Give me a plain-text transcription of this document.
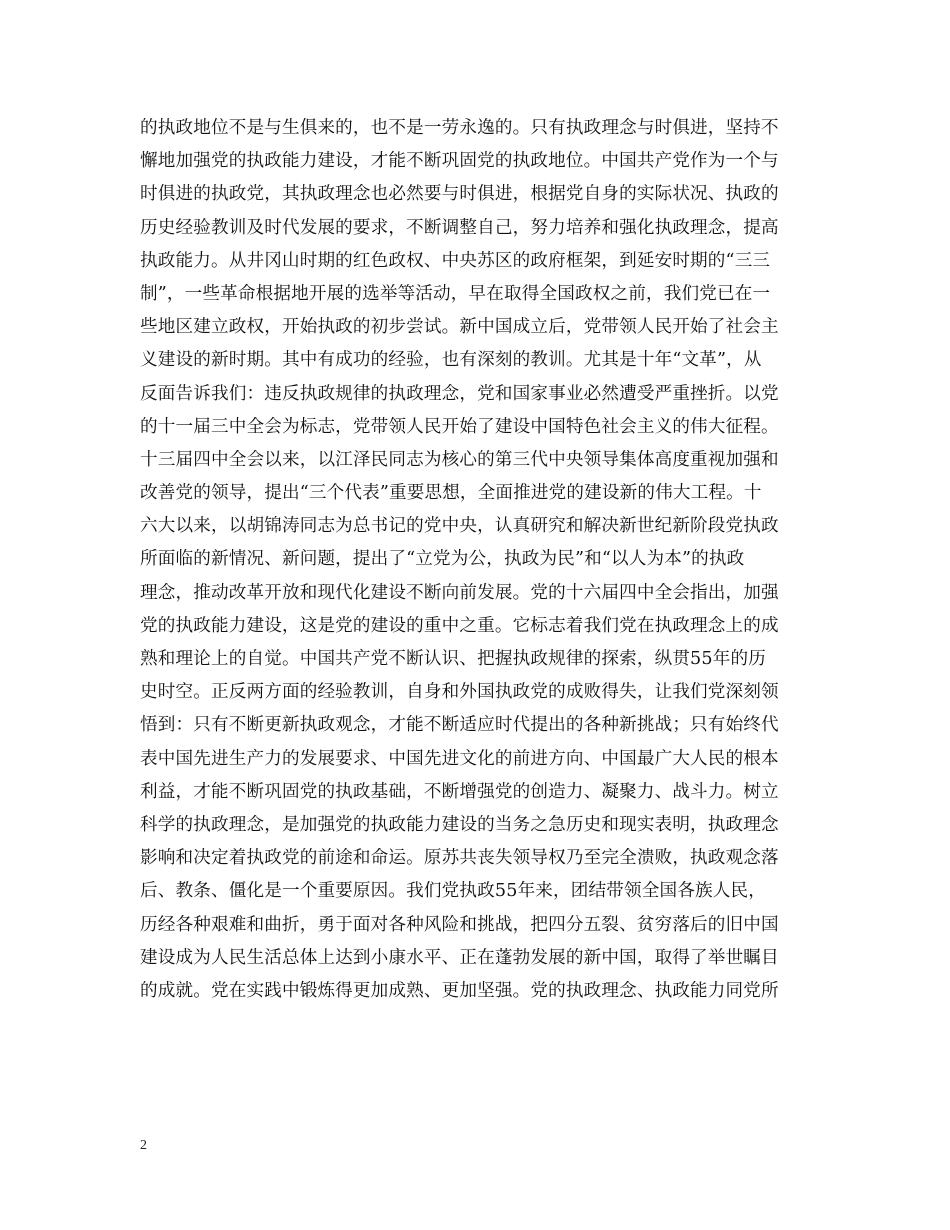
的执政地位不是与生俱来的，也不是一劳永逸的。只有执政理念与时俱进，坚持不
懈地加强党的执政能力建设，才能不断巩固党的执政地位。中国共产党作为一个与
时俱进的执政党，其执政理念也必然要与时俱进，根据党自身的实际状况、执政的
历史经验教训及时代发展的要求，不断调整自己，努力培养和强化执政理念，提高
执政能力。从井冈山时期的红色政权、中央苏区的政府框架，到延安时期的“三三
制”，一些革命根据地开展的选举等活动，早在取得全国政权之前，我们党已在一
些地区建立政权，开始执政的初步尝试。新中国成立后，党带领人民开始了社会主
义建设的新时期。其中有成功的经验，也有深刻的教训。尤其是十年“文革”，从
反面告诉我们：违反执政规律的执政理念，党和国家事业必然遭受严重挫折。以党
的十一届三中全会为标志，党带领人民开始了建设中国特色社会主义的伟大征程。
十三届四中全会以来，以江泽民同志为核心的第三代中央领导集体高度重视加强和
改善党的领导，提出“三个代表”重要思想，全面推进党的建设新的伟大工程。十
六大以来，以胡锦涛同志为总书记的党中央，认真研究和解决新世纪新阶段党执政
所面临的新情况、新问题，提出了“立党为公，执政为民”和“以人为本”的执政
理念，推动改革开放和现代化建设不断向前发展。党的十六届四中全会指出，加强
党的执政能力建设，这是党的建设的重中之重。它标志着我们党在执政理念上的成
熟和理论上的自觉。中国共产党不断认识、把握执政规律的探索，纵贯55年的历
史时空。正反两方面的经验教训，自身和外国执政党的成败得失，让我们党深刻领
悟到：只有不断更新执政观念，才能不断适应时代提出的各种新挑战；只有始终代
表中国先进生产力的发展要求、中国先进文化的前进方向、中国最广大人民的根本
利益，才能不断巩固党的执政基础，不断增强党的创造力、凝聚力、战斗力。树立
科学的执政理念，是加强党的执政能力建设的当务之急历史和现实表明，执政理念
影响和决定着执政党的前途和命运。原苏共丧失领导权乃至完全溃败，执政观念落
后、教条、僵化是一个重要原因。我们党执政55年来，团结带领全国各族人民，
历经各种艰难和曲折，勇于面对各种风险和挑战，把四分五裂、贫穷落后的旧中国
建设成为人民生活总体上达到小康水平、正在蓬勃发展的新中国，取得了举世瞩目
的成就。党在实践中锻炼得更加成熟、更加坚强。党的执政理念、执政能力同党所
2
